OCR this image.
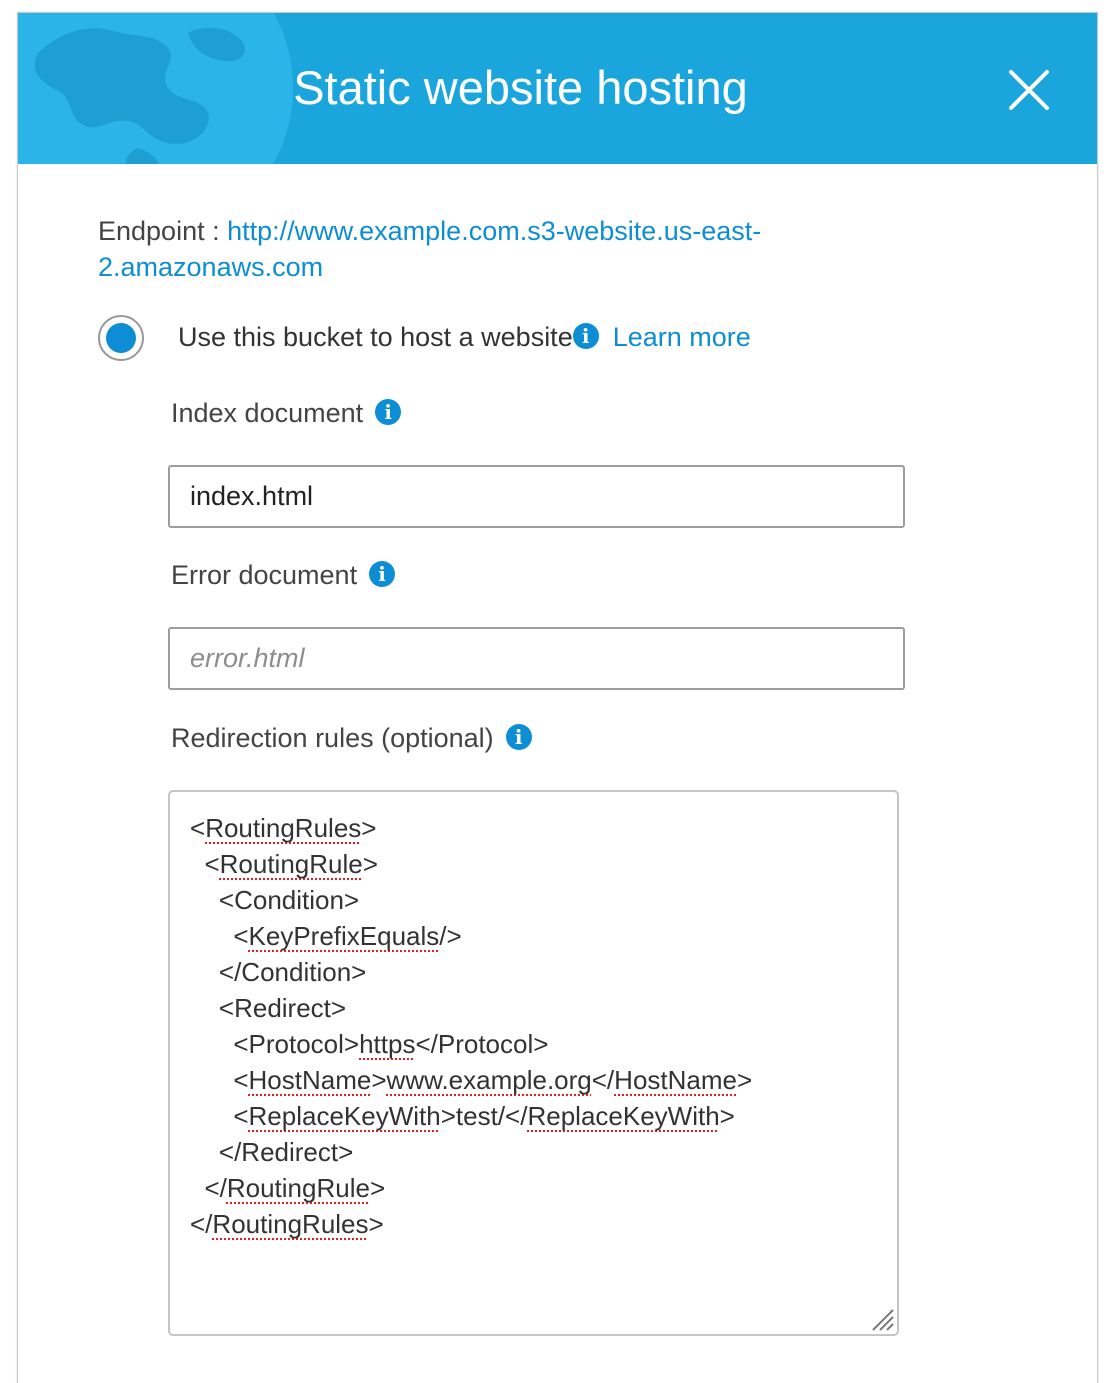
Static website hosting
Endpoint : http://www.example.com.s3-website.us-east-2.amazonaws.com
Use this bucket to host a website i Learn more
Index document i
index.html
Error document i
error.html
Redirection rules (optional) i
<RoutingRules>
<RoutingRule>
<Condition>
<KeyPrefixEquals/>
</Condition>
<Redirect>
<Protocol>https</Protocol>
<HostName>www.example.org</HostName>
<ReplaceKeyWith>test/</ReplaceKeyWith>
</Redirect>
</RoutingRule>
</RoutingRules>
